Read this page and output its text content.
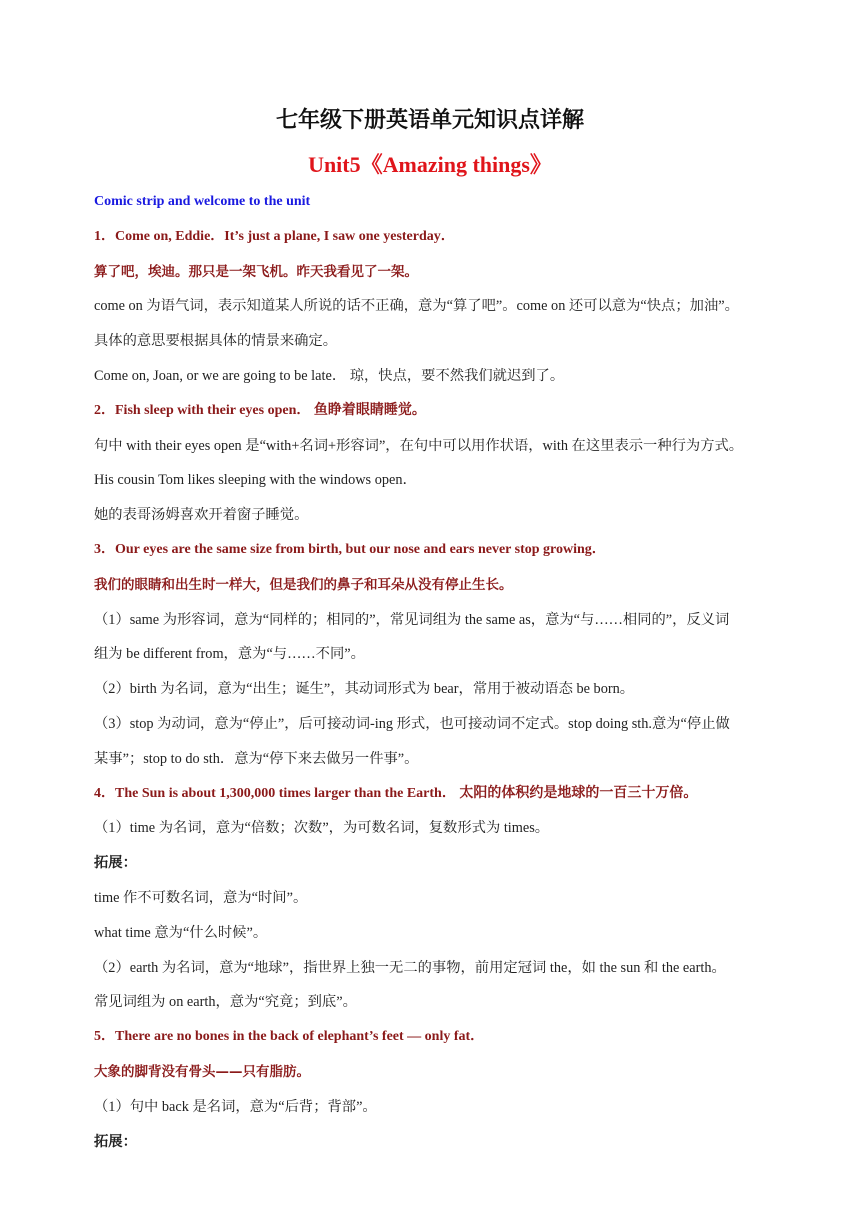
七年级下册英语单元知识点详解
Unit5《Amazing things》
Comic strip and welcome to the unit
1．Come on, Eddie．It’s just a plane, I saw one yesterday．
算了吧，埃迪。那只是一架飞机。昨天我看见了一架。
come on 为语气词，表示知道某人所说的话不正确，意为“算了吧”。come on 还可以意为“快点；加油”。
具体的意思要根据具体的情景来确定。
Come on, Joan, or we are going to be late． 琼，快点，要不然我们就迟到了。
2．Fish sleep with their eyes open． 鱼睁着眼睛睡觉。
句中 with their eyes open 是“with+名词+形容词”，在句中可以用作状语，with 在这里表示一种行为方式。
His cousin Tom likes sleeping with the windows open．
她的表哥汤姆喜欢开着窗子睡觉。
3．Our eyes are the same size from birth, but our nose and ears never stop growing．
我们的眼睛和出生时一样大，但是我们的鼻子和耳朵从没有停止生长。
（1）same 为形容词，意为“同样的；相同的”，常见词组为 the same as，意为“与……相同的”，反义词
组为 be different from，意为“与……不同”。
（2）birth 为名词，意为“出生；诞生”，其动词形式为 bear，常用于被动语态 be born。
（3）stop 为动词，意为“停止”，后可接动词-ing 形式，也可接动词不定式。stop doing sth.意为“停止做
某事”；stop to do sth．意为“停下来去做另一件事”。
4．The Sun is about 1,300,000 times larger than the Earth． 太阳的体积约是地球的一百三十万倍。
（1）time 为名词，意为“倍数；次数”，为可数名词，复数形式为 times。
拓展：
time 作不可数名词，意为“时间”。
what time 意为“什么时候”。
（2）earth 为名词，意为“地球”，指世界上独一无二的事物，前用定冠词 the，如 the sun 和 the earth。
常见词组为 on earth，意为“究竟；到底”。
5．There are no bones in the back of elephant’s feet — only fat．
大象的脚背没有骨头——只有脂肪。
（1）句中 back 是名词，意为“后背；背部”。
拓展：
